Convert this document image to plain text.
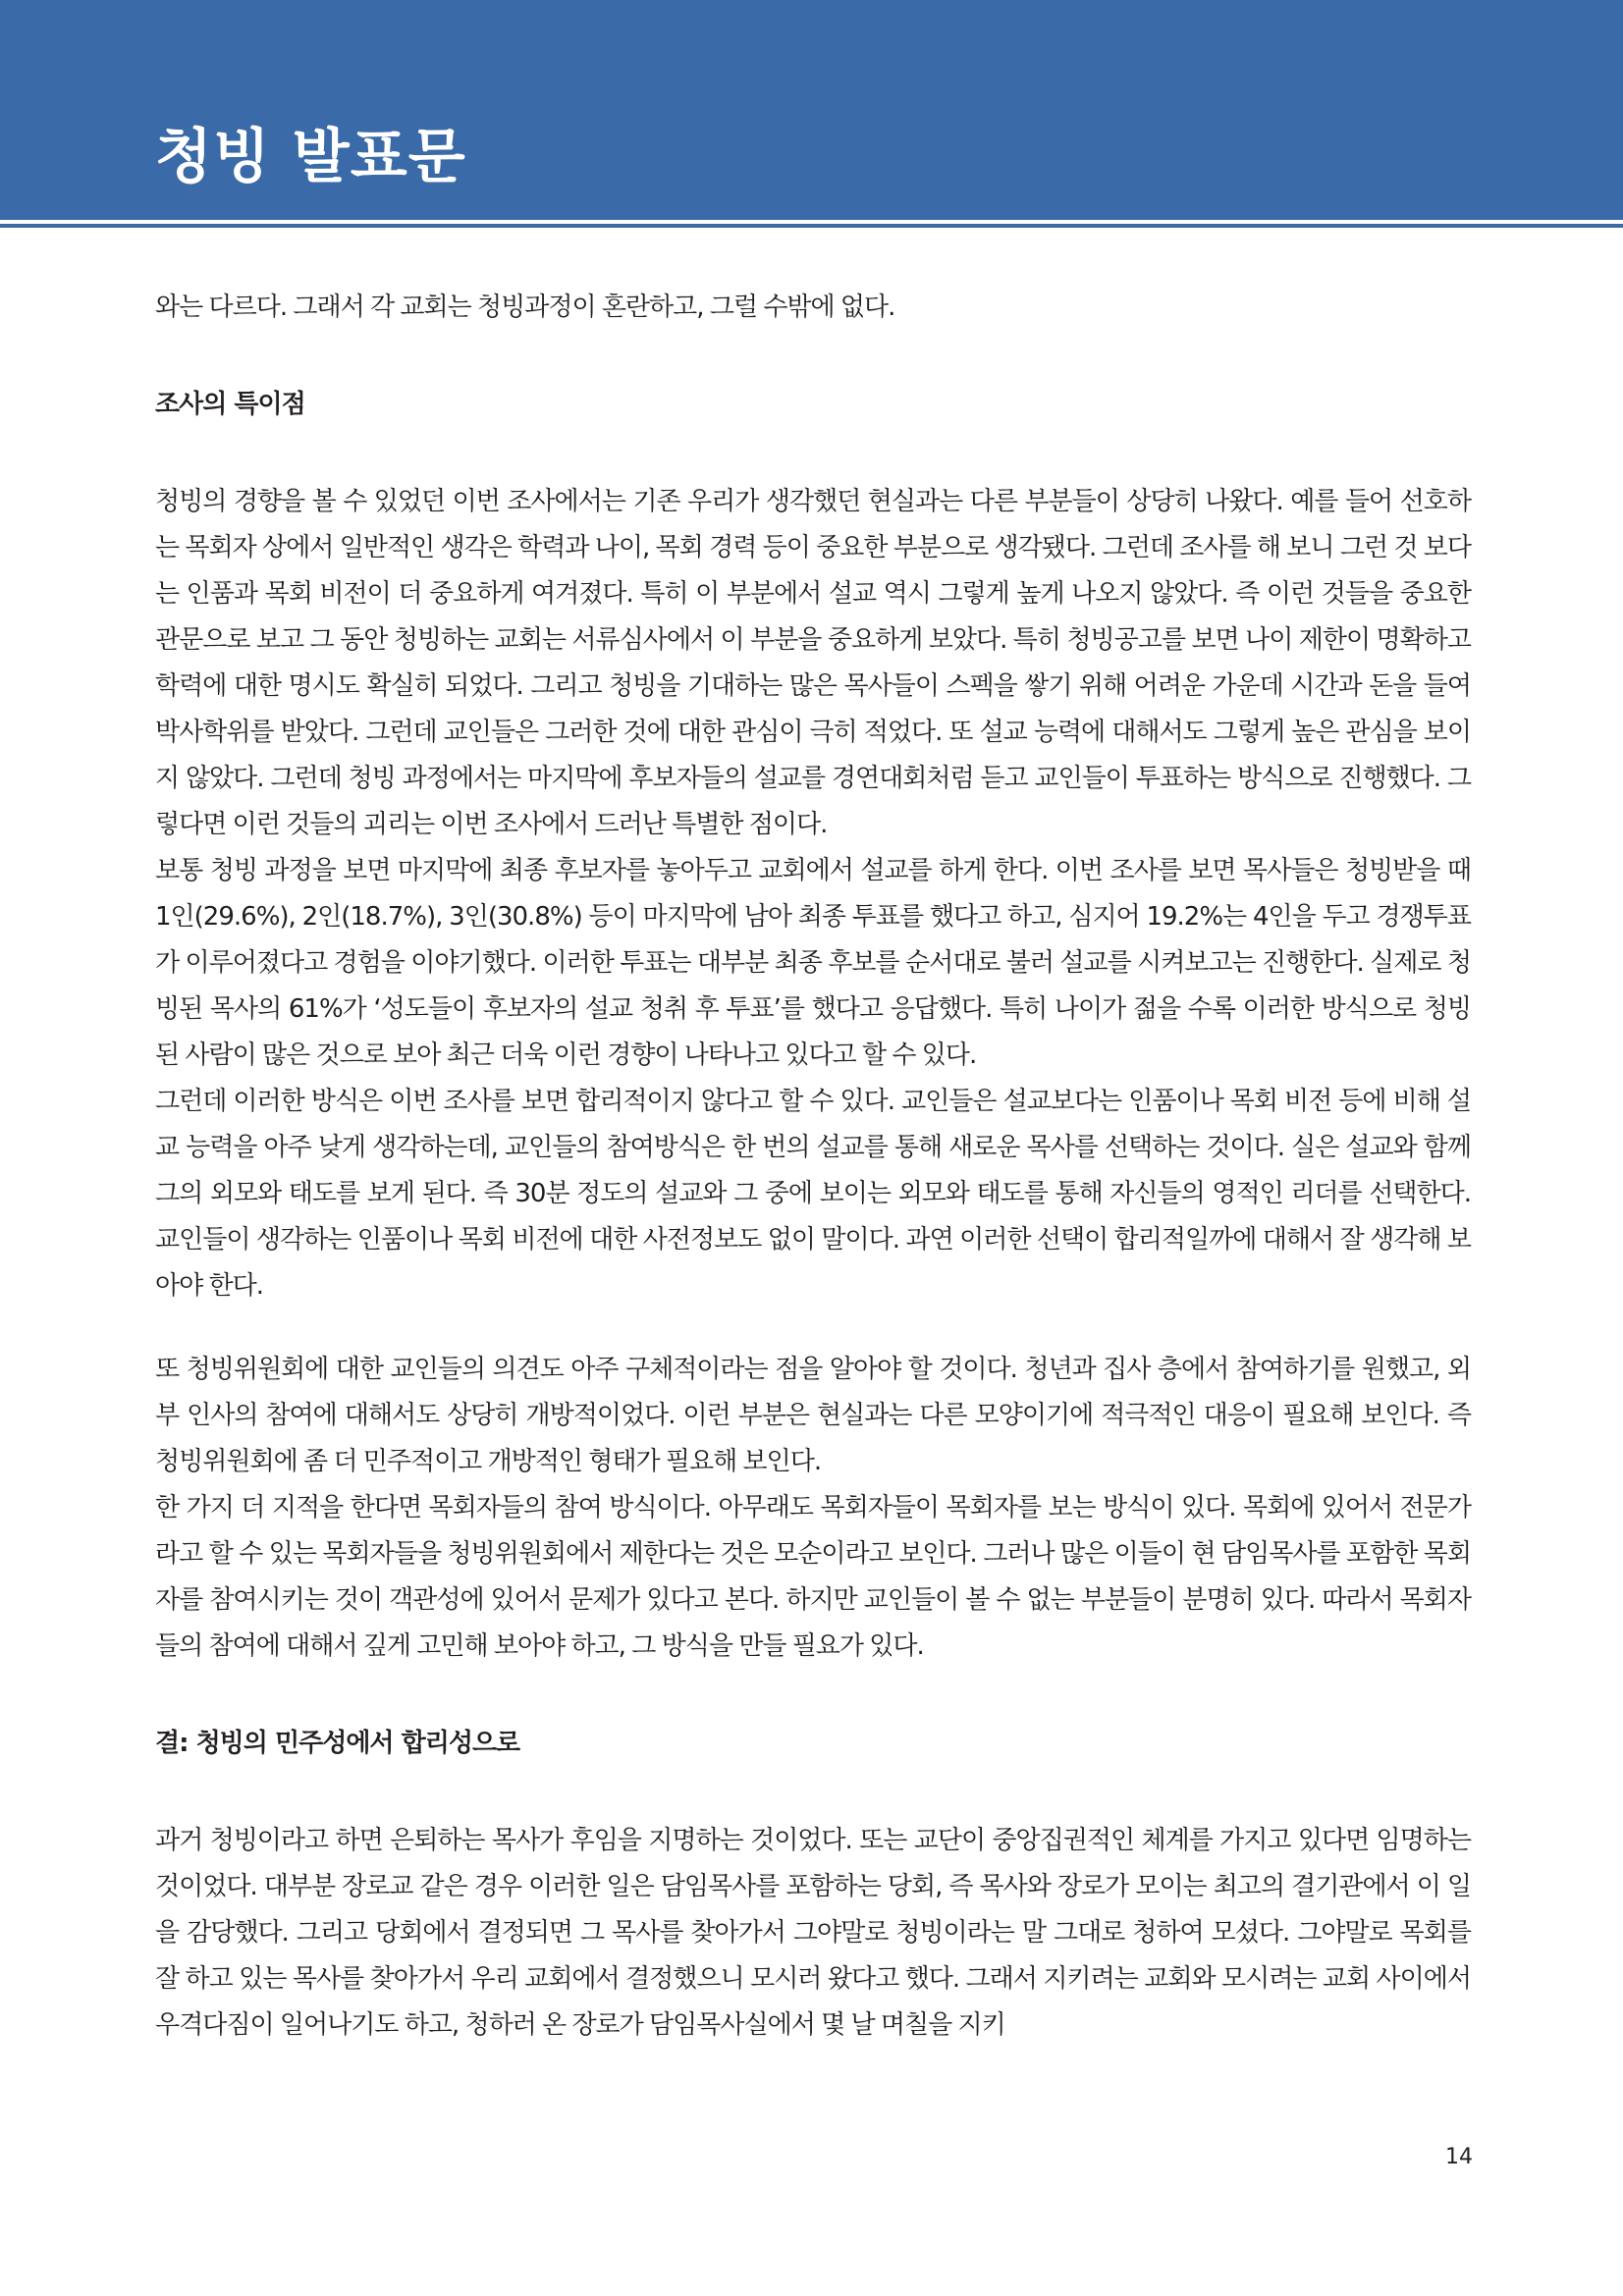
청빙 발표문

와는 다르다. 그래서 각 교회는 청빙과정이 혼란하고, 그럴 수밖에 없다.

조사의 특이점

청빙의 경향을 볼 수 있었던 이번 조사에서는 기존 우리가 생각했던 현실과는 다른 부분들이 상당히 나왔다. 예를 들어 선호하는 목회자 상에서 일반적인 생각은 학력과 나이, 목회 경력 등이 중요한 부분으로 생각됐다. 그런데 조사를 해 보니 그런 것 보다는 인품과 목회 비전이 더 중요하게 여겨졌다. 특히 이 부분에서 설교 역시 그렇게 높게 나오지 않았다. 즉 이런 것들을 중요한 관문으로 보고 그 동안 청빙하는 교회는 서류심사에서 이 부분을 중요하게 보았다. 특히 청빙공고를 보면 나이 제한이 명확하고 학력에 대한 명시도 확실히 되었다. 그리고 청빙을 기대하는 많은 목사들이 스펙을 쌓기 위해 어려운 가운데 시간과 돈을 들여 박사학위를 받았다. 그런데 교인들은 그러한 것에 대한 관심이 극히 적었다. 또 설교 능력에 대해서도 그렇게 높은 관심을 보이지 않았다. 그런데 청빙 과정에서는 마지막에 후보자들의 설교를 경연대회처럼 듣고 교인들이 투표하는 방식으로 진행했다. 그렇다면 이런 것들의 괴리는 이번 조사에서 드러난 특별한 점이다.

보통 청빙 과정을 보면 마지막에 최종 후보자를 놓아두고 교회에서 설교를 하게 한다. 이번 조사를 보면 목사들은 청빙받을 때 1인(29.6%), 2인(18.7%), 3인(30.8%) 등이 마지막에 남아 최종 투표를 했다고 하고, 심지어 19.2%는 4인을 두고 경쟁투표가 이루어졌다고 경험을 이야기했다. 이러한 투표는 대부분 최종 후보를 순서대로 불러 설교를 시켜보고는 진행한다. 실제로 청빙된 목사의 61%가 ‘성도들이 후보자의 설교 청취 후 투표’를 했다고 응답했다. 특히 나이가 젊을 수록 이러한 방식으로 청빙된 사람이 많은 것으로 보아 최근 더욱 이런 경향이 나타나고 있다고 할 수 있다.

그런데 이러한 방식은 이번 조사를 보면 합리적이지 않다고 할 수 있다. 교인들은 설교보다는 인품이나 목회 비전 등에 비해 설교 능력을 아주 낮게 생각하는데, 교인들의 참여방식은 한 번의 설교를 통해 새로운 목사를 선택하는 것이다. 실은 설교와 함께 그의 외모와 태도를 보게 된다. 즉 30분 정도의 설교와 그 중에 보이는 외모와 태도를 통해 자신들의 영적인 리더를 선택한다. 교인들이 생각하는 인품이나 목회 비전에 대한 사전정보도 없이 말이다. 과연 이러한 선택이 합리적일까에 대해서 잘 생각해 보아야 한다.

또 청빙위원회에 대한 교인들의 의견도 아주 구체적이라는 점을 알아야 할 것이다. 청년과 집사 층에서 참여하기를 원했고, 외부 인사의 참여에 대해서도 상당히 개방적이었다. 이런 부분은 현실과는 다른 모양이기에 적극적인 대응이 필요해 보인다. 즉 청빙위원회에 좀 더 민주적이고 개방적인 형태가 필요해 보인다.

한 가지 더 지적을 한다면 목회자들의 참여 방식이다. 아무래도 목회자들이 목회자를 보는 방식이 있다. 목회에 있어서 전문가라고 할 수 있는 목회자들을 청빙위원회에서 제한다는 것은 모순이라고 보인다. 그러나 많은 이들이 현 담임목사를 포함한 목회자를 참여시키는 것이 객관성에 있어서 문제가 있다고 본다. 하지만 교인들이 볼 수 없는 부분들이 분명히 있다. 따라서 목회자들의 참여에 대해서 깊게 고민해 보아야 하고, 그 방식을 만들 필요가 있다.

결: 청빙의 민주성에서 합리성으로

과거 청빙이라고 하면 은퇴하는 목사가 후임을 지명하는 것이었다. 또는 교단이 중앙집권적인 체계를 가지고 있다면 임명하는 것이었다. 대부분 장로교 같은 경우 이러한 일은 담임목사를 포함하는 당회, 즉 목사와 장로가 모이는 최고의 결기관에서 이 일을 감당했다. 그리고 당회에서 결정되면 그 목사를 찾아가서 그야말로 청빙이라는 말 그대로 청하여 모셨다. 그야말로 목회를 잘 하고 있는 목사를 찾아가서 우리 교회에서 결정했으니 모시러 왔다고 했다. 그래서 지키려는 교회와 모시려는 교회 사이에서 우격다짐이 일어나기도 하고, 청하러 온 장로가 담임목사실에서 몇 날 며칠을 지키

14
